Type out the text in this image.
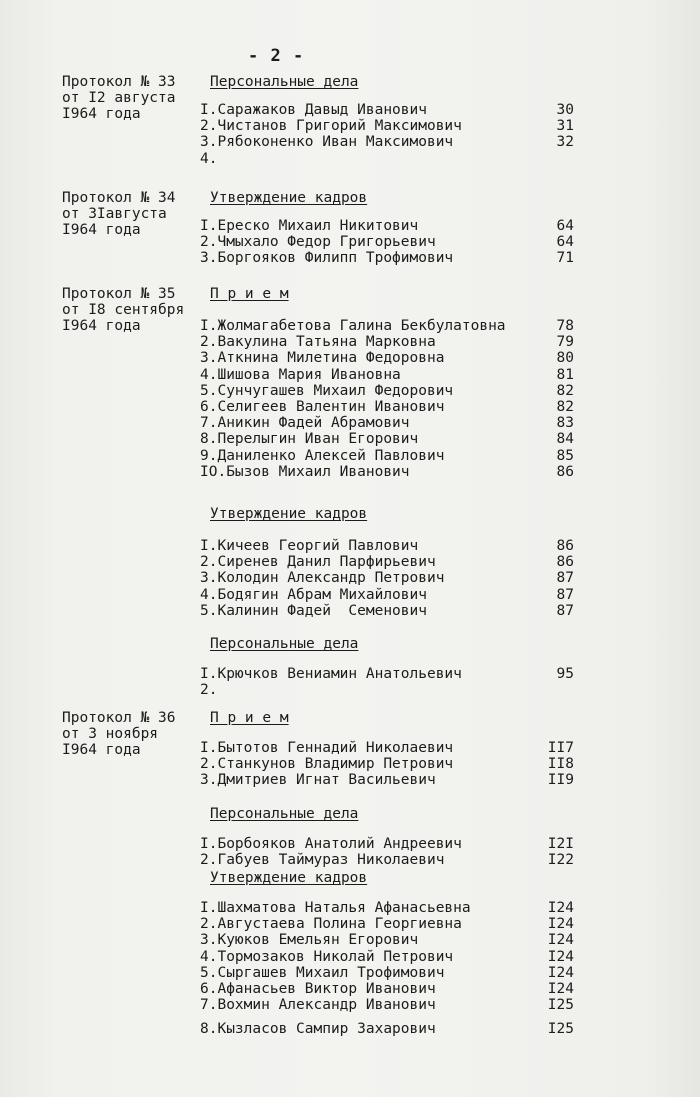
- 2 -
Протокол № 33
от I2 августа
I964 года
Персональные дела
I.Саражаков Давыд Иванович	30
2.Чистанов Григорий Максимович	31
3.Рябоконенко Иван Максимович	32
4.
Протокол № 34
от 3Iавгуста
I964 года
Утверждение кадров
I.Ереско Михаил Никитович	64
2.Чмыхало Федор Григорьевич	64
3.Боргояков Филипп Трофимович	71
Протокол № 35
от I8 сентября
I964 года
П р и е м
I.Жолмагабетова Галина Бекбулатовна	78
2.Вакулина Татьяна Марковна	79
3.Аткнина Милетина Федоровна	80
4.Шишова Мария Ивановна	81
5.Сунчугашев Михаил Федорович	82
6.Селигеев Валентин Иванович	82
7.Аникин Фадей Абрамович	83
8.Перелыгин Иван Егорович	84
9.Даниленко Алексей Павлович	85
IO.Бызов Михаил Иванович	86
Утверждение кадров
I.Кичеев Георгий Павлович	86
2.Сиренев Данил Парфирьевич	86
3.Колодин Александр Петрович	87
4.Бодягин Абрам Михайлович	87
5.Калинин Фадей  Семенович	87
Персональные дела
I.Крючков Вениамин Анатольевич	95
2.
Протокол № 36
от 3 ноября
I964 года
П р и е м
I.Бытотов Геннадий Николаевич	II7
2.Станкунов Владимир Петрович	II8
3.Дмитриев Игнат Васильевич	II9
Персональные дела
I.Борбояков Анатолий Андреевич	I2I
2.Габуев Таймураз Николаевич	I22
Утверждение кадров
I.Шахматова Наталья Афанасьевна	I24
2.Августаева Полина Георгиевна	I24
3.Куюков Емельян Егорович	I24
4.Тормозаков Николай Петрович	I24
5.Сыргашев Михаил Трофимович	I24
6.Афанасьев Виктор Иванович	I24
7.Вохмин Александр Иванович	I25
8.Кызласов Сампир Захарович	I25
